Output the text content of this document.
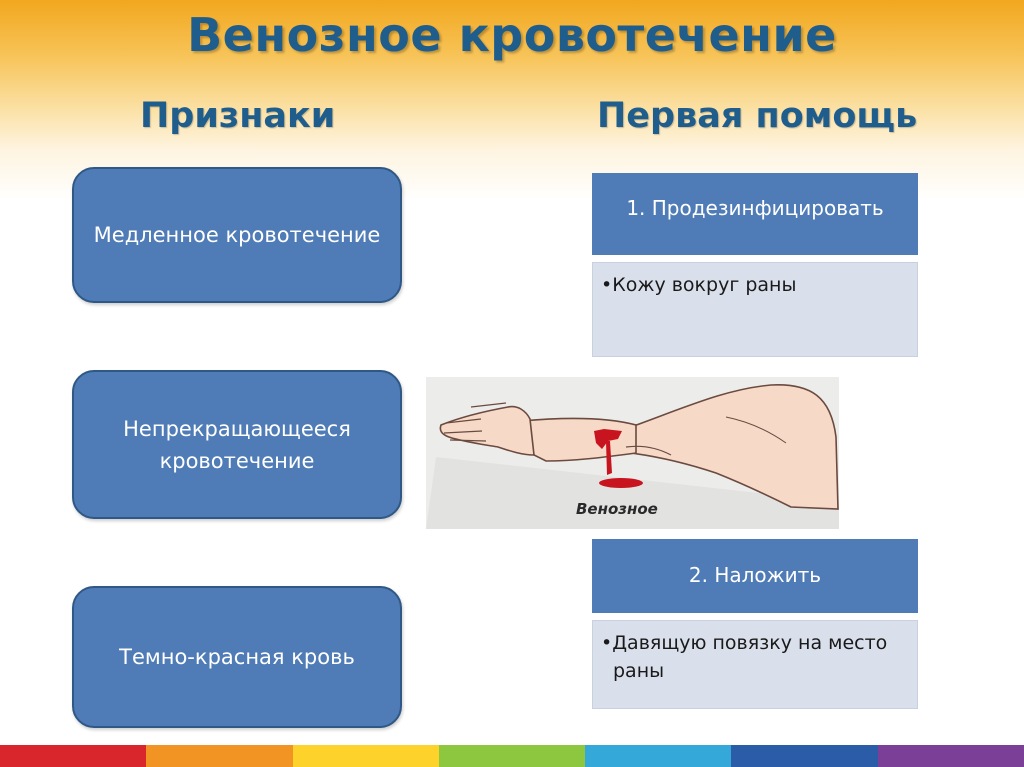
Венозное кровотечение
Признаки	Первая помощь
Медленное кровотечение
Непрекращающееся кровотечение
Темно-красная кровь
1. Продезинфицировать
•Кожу вокруг раны
Венозное
2. Наложить
•Давящую повязку на место раны
